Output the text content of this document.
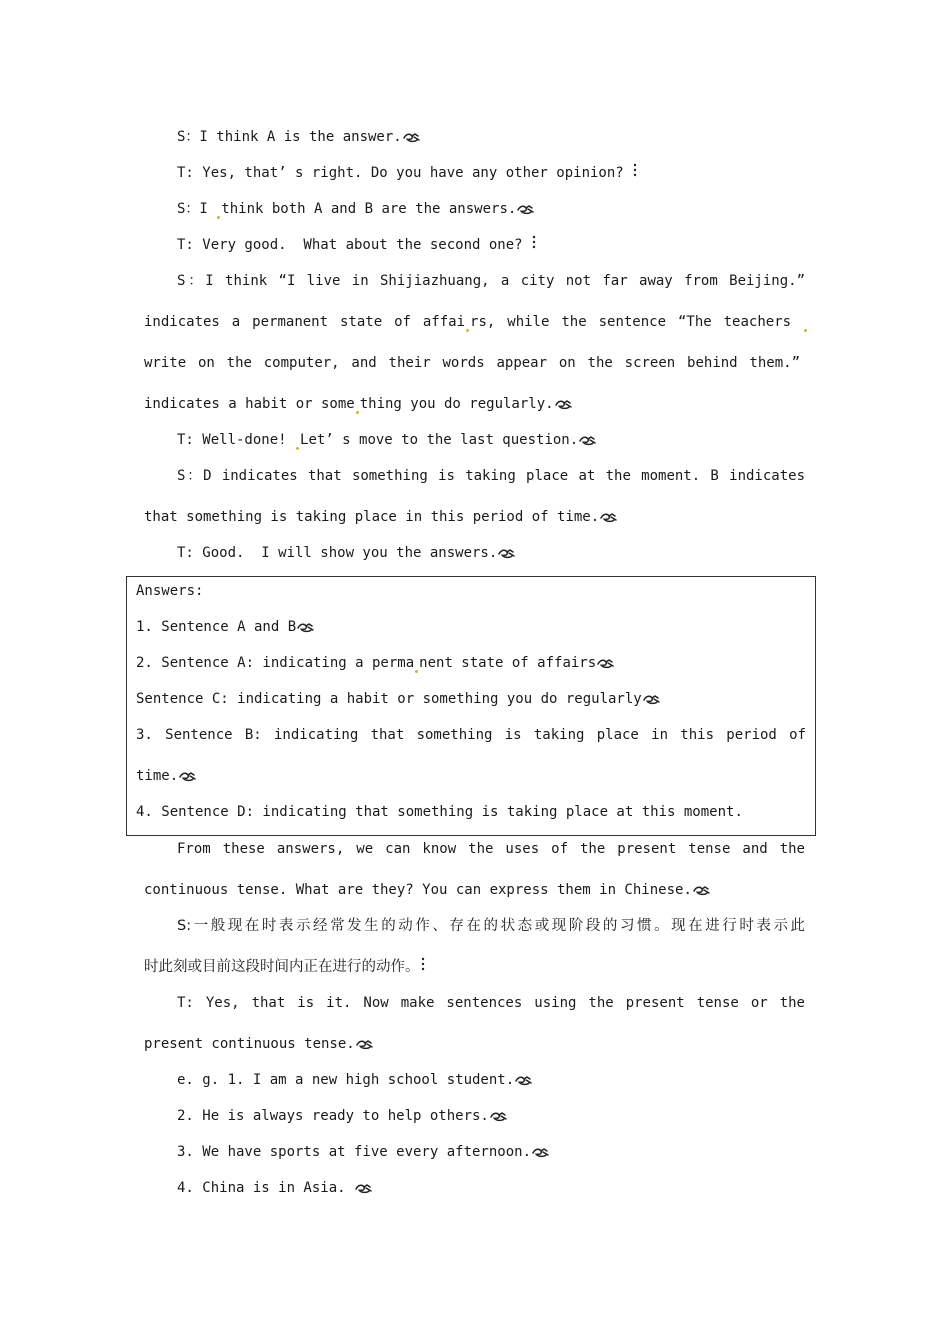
S：I think A is the answer.
T: Yes, that’ s right. Do you have any other opinion?
S：I think both A and B are the answers.
T: Very good.  What about the second one?
S：I think “I live in Shijiazhuang, a city not far away from Beijing.”
indicates a permanent state of affai rs, while the sentence “The teachers
write on the computer, and their words appear on the screen behind them.”
indicates a habit or some thing you do regularly.
T: Well-done! Let’ s move to the last question.
S：D indicates that something is taking place at the moment. B indicates
that something is taking place in this period of time.
T: Good.  I will show you the answers.
Answers:
1. Sentence A and B
2. Sentence A: indicating a perma nent state of affairs
Sentence C: indicating a habit or something you do regularly
3. Sentence B: indicating that something is taking place in this period of
time.
4. Sentence D: indicating that something is taking place at this moment.
From these answers, we can know the uses of the present tense and the
continuous tense. What are they? You can express them in Chinese.
S:一般现在时表示经常发生的动作、存在的状态或现阶段的习惯。现在进行时表示此
时此刻或目前这段时间内正在进行的动作。
T: Yes, that is it. Now make sentences using the present tense or the
present continuous tense.
e. g. 1. I am a new high school student.
2. He is always ready to help others.
3. We have sports at five every afternoon.
4. China is in Asia.
